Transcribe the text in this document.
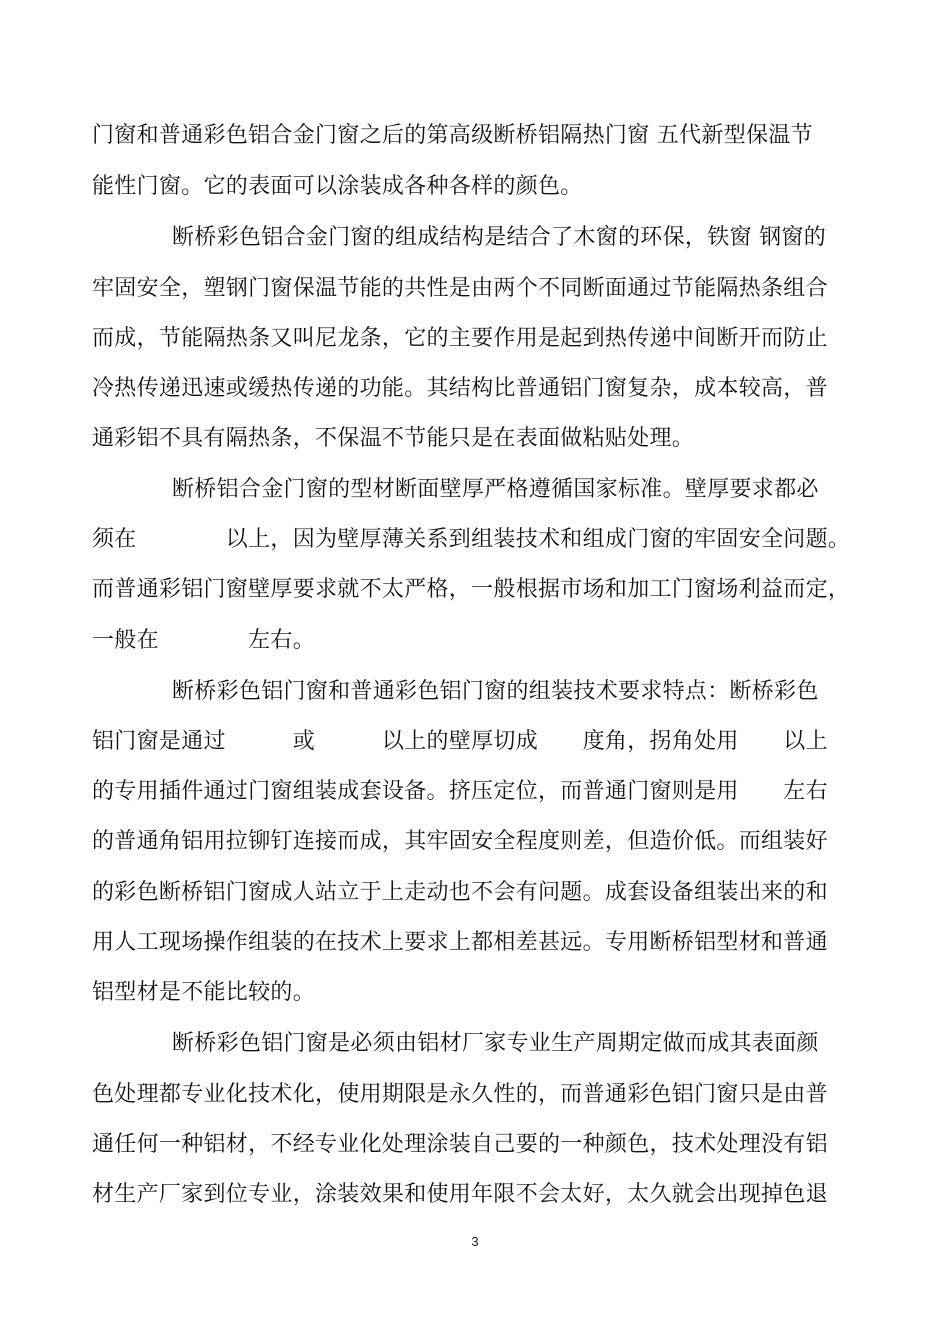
门窗和普通彩色铝合金门窗之后的第高级断桥铝隔热门窗 五代新型保温节
能性门窗。它的表面可以涂装成各种各样的颜色。
断桥彩色铝合金门窗的组成结构是结合了木窗的环保，铁窗 钢窗的
牢固安全，塑钢门窗保温节能的共性是由两个不同断面通过节能隔热条组合
而成，节能隔热条又叫尼龙条，它的主要作用是起到热传递中间断开而防止
冷热传递迅速或缓热传递的功能。其结构比普通铝门窗复杂，成本较高，普
通彩铝不具有隔热条，不保温不节能只是在表面做粘贴处理。
断桥铝合金门窗的型材断面壁厚严格遵循国家标准。壁厚要求都必
须在　　　　以上，因为壁厚薄关系到组装技术和组成门窗的牢固安全问题。
而普通彩铝门窗壁厚要求就不太严格，一般根据市场和加工门窗场利益而定，
一般在　　　　左右。
断桥彩色铝门窗和普通彩色铝门窗的组装技术要求特点：断桥彩色
铝门窗是通过　　　或　　　以上的壁厚切成　　度角，拐角处用　　以上
的专用插件通过门窗组装成套设备。挤压定位，而普通门窗则是用　　左右
的普通角铝用拉铆钉连接而成，其牢固安全程度则差，但造价低。而组装好
的彩色断桥铝门窗成人站立于上走动也不会有问题。成套设备组装出来的和
用人工现场操作组装的在技术上要求上都相差甚远。专用断桥铝型材和普通
铝型材是不能比较的。
断桥彩色铝门窗是必须由铝材厂家专业生产周期定做而成其表面颜
色处理都专业化技术化，使用期限是永久性的，而普通彩色铝门窗只是由普
通任何一种铝材，不经专业化处理涂装自己要的一种颜色，技术处理没有铝
材生产厂家到位专业，涂装效果和使用年限不会太好，太久就会出现掉色退
3
